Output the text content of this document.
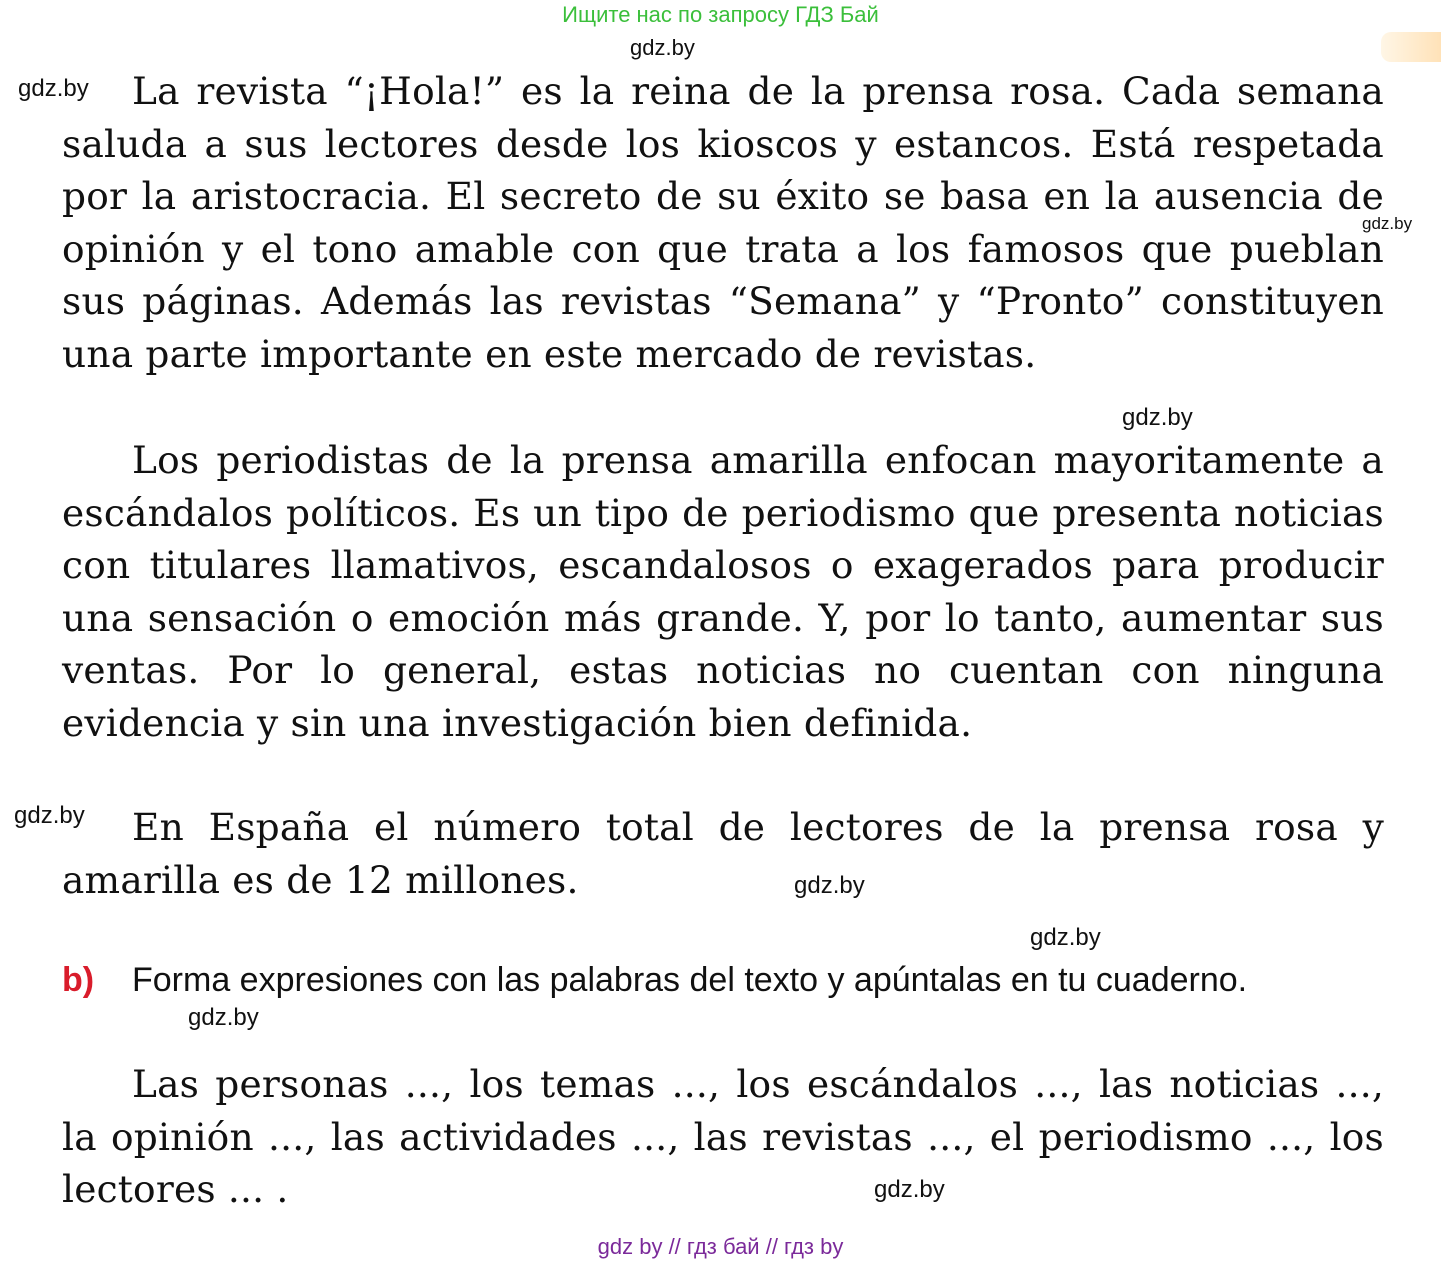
Ищите нас по запросу ГДЗ Бай
gdz.by
gdz.by
gdz.by
gdz.by
gdz.by
gdz.by
gdz.by
gdz.by
gdz.by

La revista “¡Hola!” es la reina de la prensa rosa. Cada semana saluda a sus lectores desde los kioscos y estancos. Está respetada por la aristocracia. El secreto de su éxito se basa en la ausencia de opinión y el tono amable con que trata a los famosos que pueblan sus páginas. Además las revistas “Semana” y “Pronto” constituyen una parte importante en este mercado de revistas.

Los periodistas de la prensa amarilla enfocan mayoritamente a escándalos políticos. Es un tipo de periodismo que presenta noticias con titulares llamativos, escandalosos o exagerados para producir una sensación o emoción más grande. Y, por lo tanto, aumentar sus ventas. Por lo general, estas noticias no cuentan con ninguna evidencia y sin una investigación bien definida.

En España el número total de lectores de la prensa rosa y amarilla es de 12 millones.

b) Forma expresiones con las palabras del texto y apúntalas en tu cuaderno.

Las personas ..., los temas ..., los escándalos ..., las noticias ..., la opinión ..., las actividades ..., las revistas ..., el periodismo ..., los lectores ... .

gdz by // гдз бай // гдз by
